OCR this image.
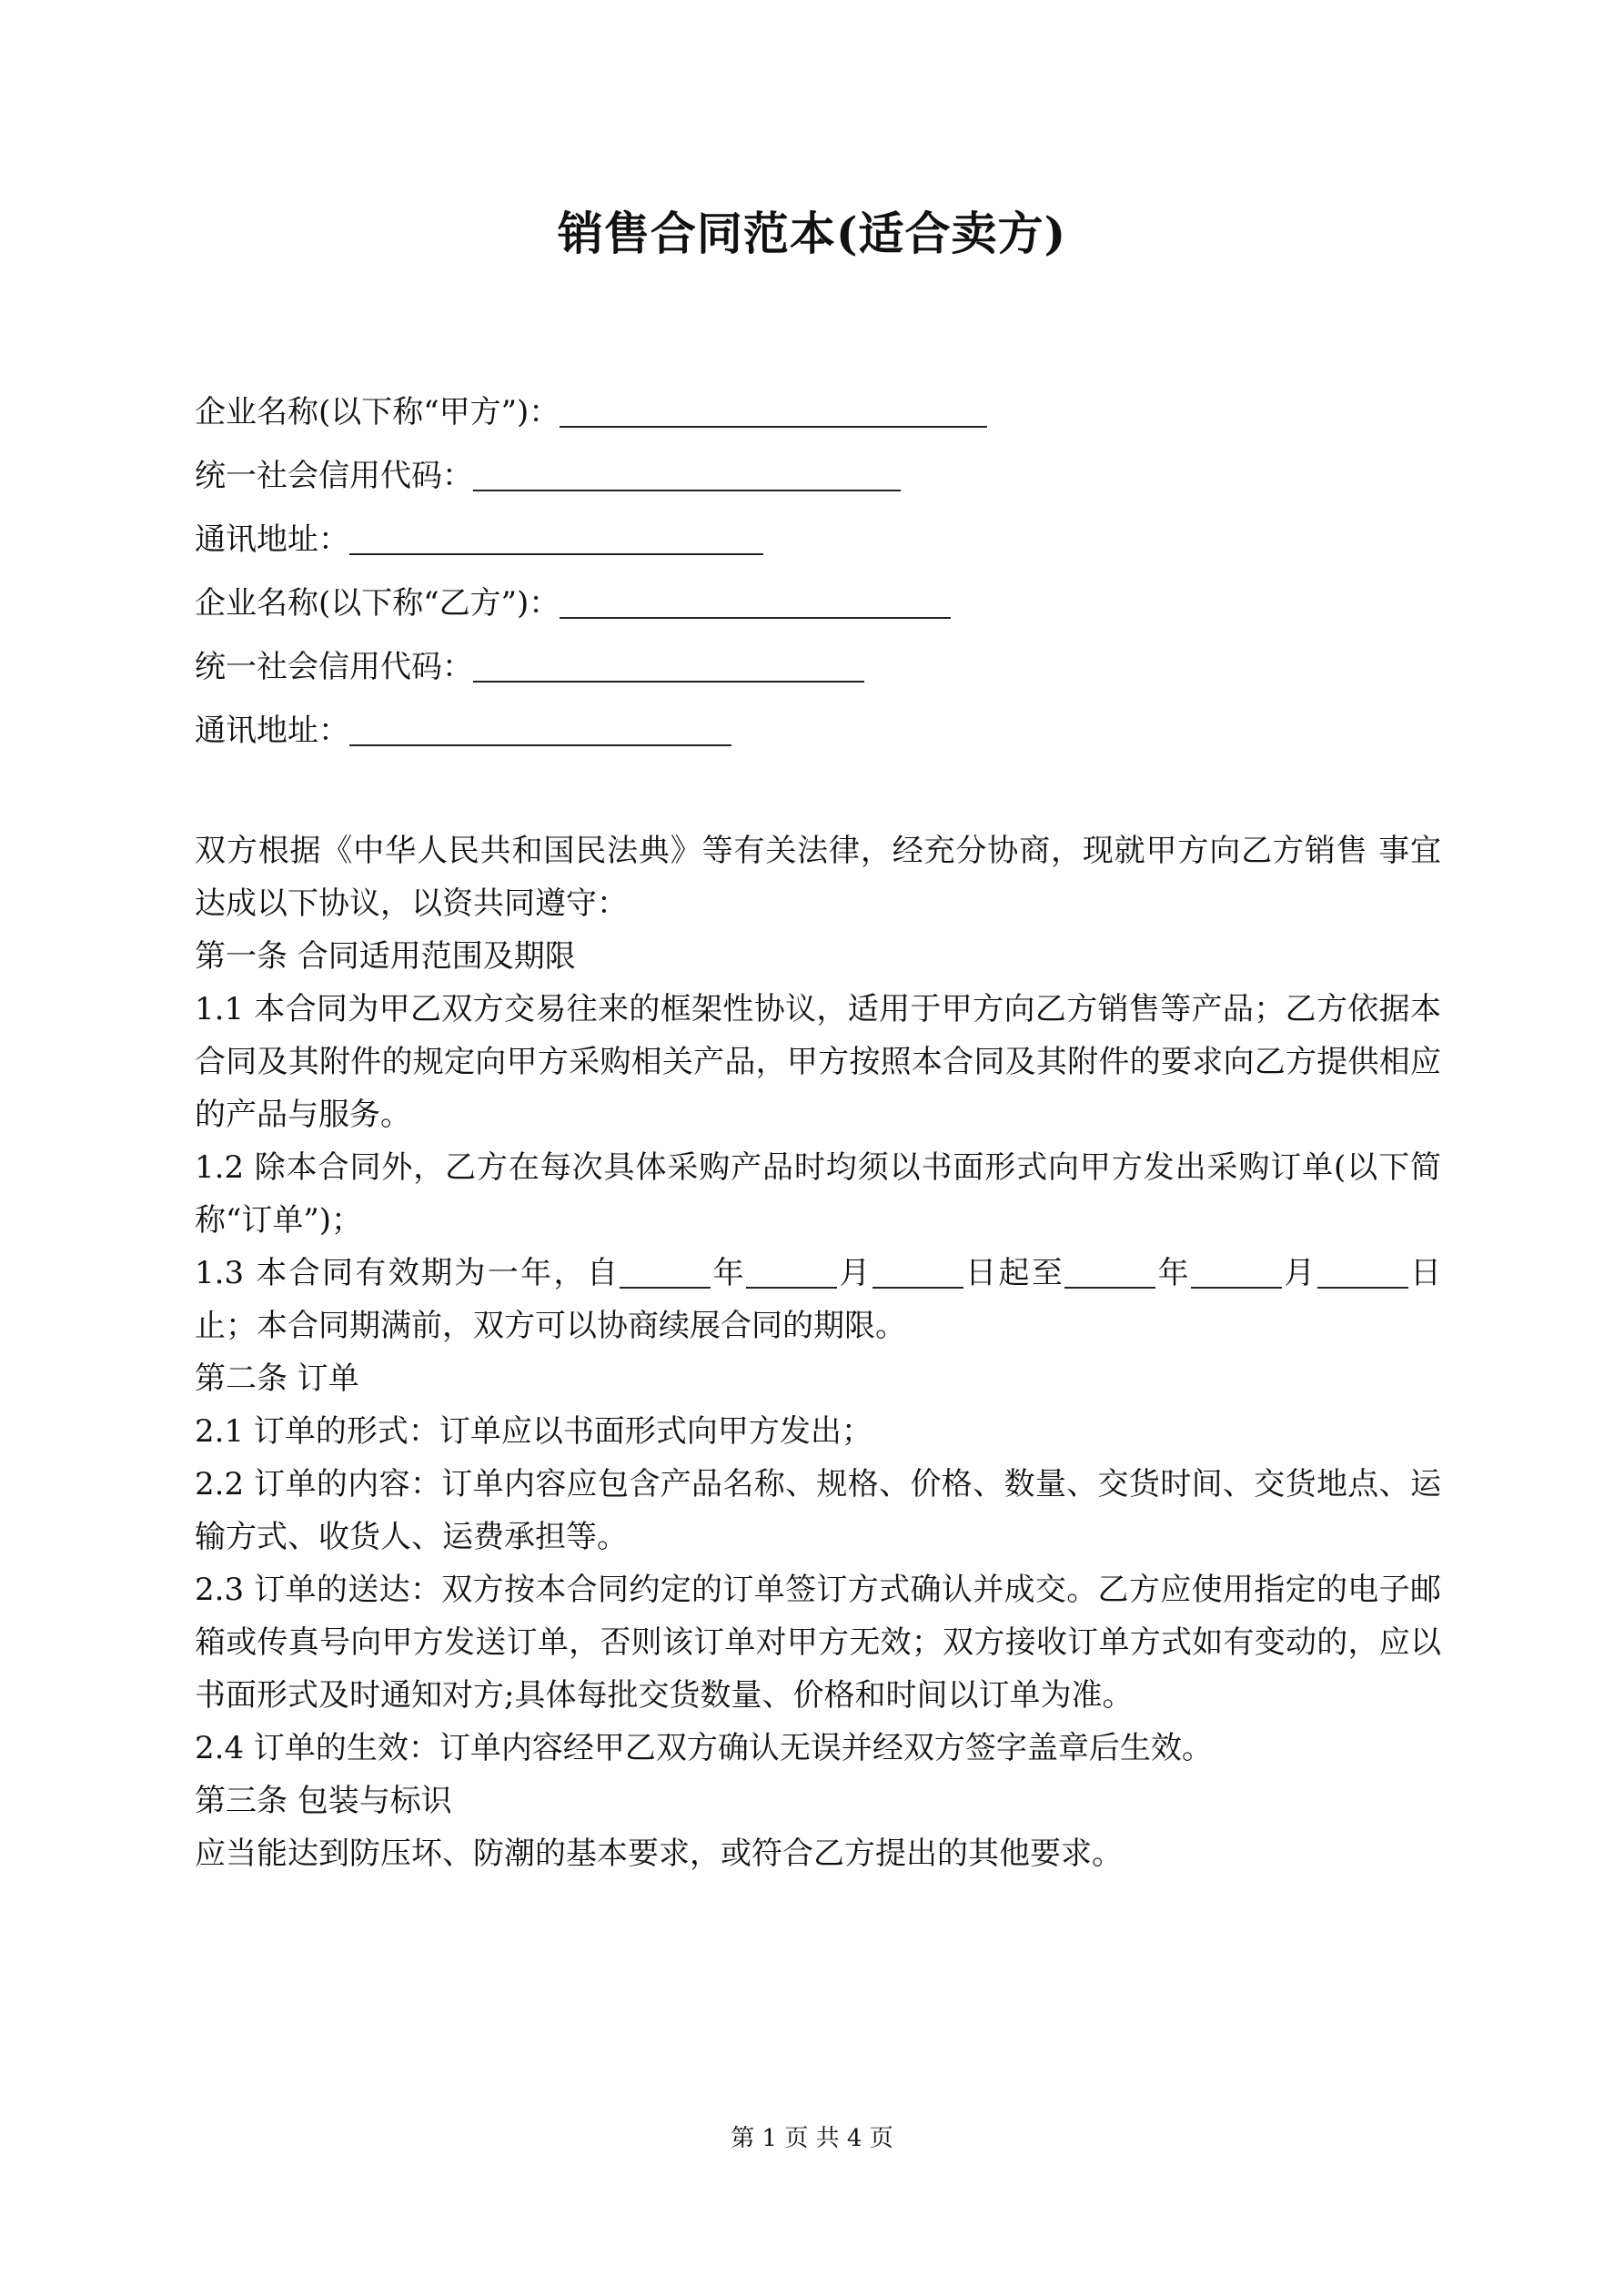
销售合同范本(适合卖方)
企业名称(以下称“甲方”)：
统一社会信用代码：
通讯地址：
企业名称(以下称“乙方”)：
统一社会信用代码：
通讯地址：

双方根据《中华人民共和国民法典》等有关法律，经充分协商，现就甲方向乙方销售 事宜达成以下协议，以资共同遵守：

第一条 合同适用范围及期限

1.1 本合同为甲乙双方交易往来的框架性协议，适用于甲方向乙方销售等产品；乙方依据本合同及其附件的规定向甲方采购相关产品，甲方按照本合同及其附件的要求向乙方提供相应的产品与服务。

1.2 除本合同外，乙方在每次具体采购产品时均须以书面形式向甲方发出采购订单(以下简称“订单”)；

1.3 本合同有效期为一年，自	年	月	日起至	年	月	日止；本合同期满前，双方可以协商续展合同的期限。

第二条 订单

2.1 订单的形式：订单应以书面形式向甲方发出；

2.2 订单的内容：订单内容应包含产品名称、规格、价格、数量、交货时间、交货地点、运输方式、收货人、运费承担等。

2.3 订单的送达：双方按本合同约定的订单签订方式确认并成交。乙方应使用指定的电子邮箱或传真号向甲方发送订单，否则该订单对甲方无效；双方接收订单方式如有变动的，应以书面形式及时通知对方;具体每批交货数量、价格和时间以订单为准。

2.4 订单的生效：订单内容经甲乙双方确认无误并经双方签字盖章后生效。

第三条 包装与标识

应当能达到防压坏、防潮的基本要求，或符合乙方提出的其他要求。

第 1 页 共 4 页
